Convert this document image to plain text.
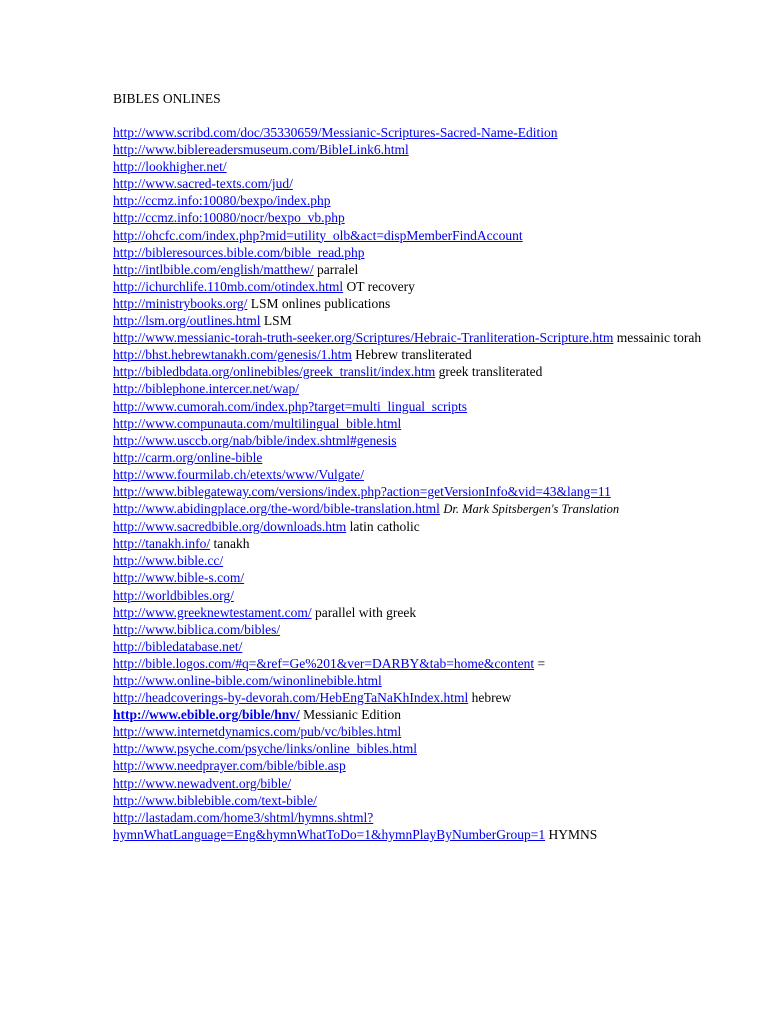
BIBLES ONLINES

http://www.scribd.com/doc/35330659/Messianic-Scriptures-Sacred-Name-Edition

http://www.biblereadersmuseum.com/BibleLink6.html

http://lookhigher.net/

http://www.sacred-texts.com/jud/

http://ccmz.info:10080/bexpo/index.php

http://ccmz.info:10080/nocr/bexpo_vb.php

http://ohcfc.com/index.php?mid=utility_olb&act=dispMemberFindAccount

http://bibleresources.bible.com/bible_read.php

http://intlbible.com/english/matthew/ parralel

http://ichurchlife.110mb.com/otindex.html OT recovery

http://ministrybooks.org/ LSM onlines publications

http://lsm.org/outlines.html LSM

http://www.messianic-torah-truth-seeker.org/Scriptures/Hebraic-Tranliteration-Scripture.htm messainic torah

http://bhst.hebrewtanakh.com/genesis/1.htm Hebrew transliterated

http://bibledbdata.org/onlinebibles/greek_translit/index.htm greek transliterated

http://biblephone.intercer.net/wap/

http://www.cumorah.com/index.php?target=multi_lingual_scripts

http://www.compunauta.com/multilingual_bible.html

http://www.usccb.org/nab/bible/index.shtml#genesis

http://carm.org/online-bible

http://www.fourmilab.ch/etexts/www/Vulgate/

http://www.biblegateway.com/versions/index.php?action=getVersionInfo&vid=43&lang=11

http://www.abidingplace.org/the-word/bible-translation.html Dr. Mark Spitsbergen's Translation

http://www.sacredbible.org/downloads.htm latin catholic

http://tanakh.info/ tanakh

http://www.bible.cc/

http://www.bible-s.com/

http://worldbibles.org/

http://www.greeknewtestament.com/ parallel with greek

http://www.biblica.com/bibles/

http://bibledatabase.net/

http://bible.logos.com/#q=&ref=Ge%201&ver=DARBY&tab=home&content =

http://www.online-bible.com/winonlinebible.html

http://headcoverings-by-devorah.com/HebEngTaNaKhIndex.html hebrew

http://www.ebible.org/bible/hnv/ Messianic Edition

http://www.internetdynamics.com/pub/vc/bibles.html

http://www.psyche.com/psyche/links/online_bibles.html

http://www.needprayer.com/bible/bible.asp

http://www.newadvent.org/bible/

http://www.biblebible.com/text-bible/

http://lastadam.com/home3/shtml/hymns.shtml?hymnWhatLanguage=Eng&hymnWhatToDo=1&hymnPlayByNumberGroup=1 HYMNS
